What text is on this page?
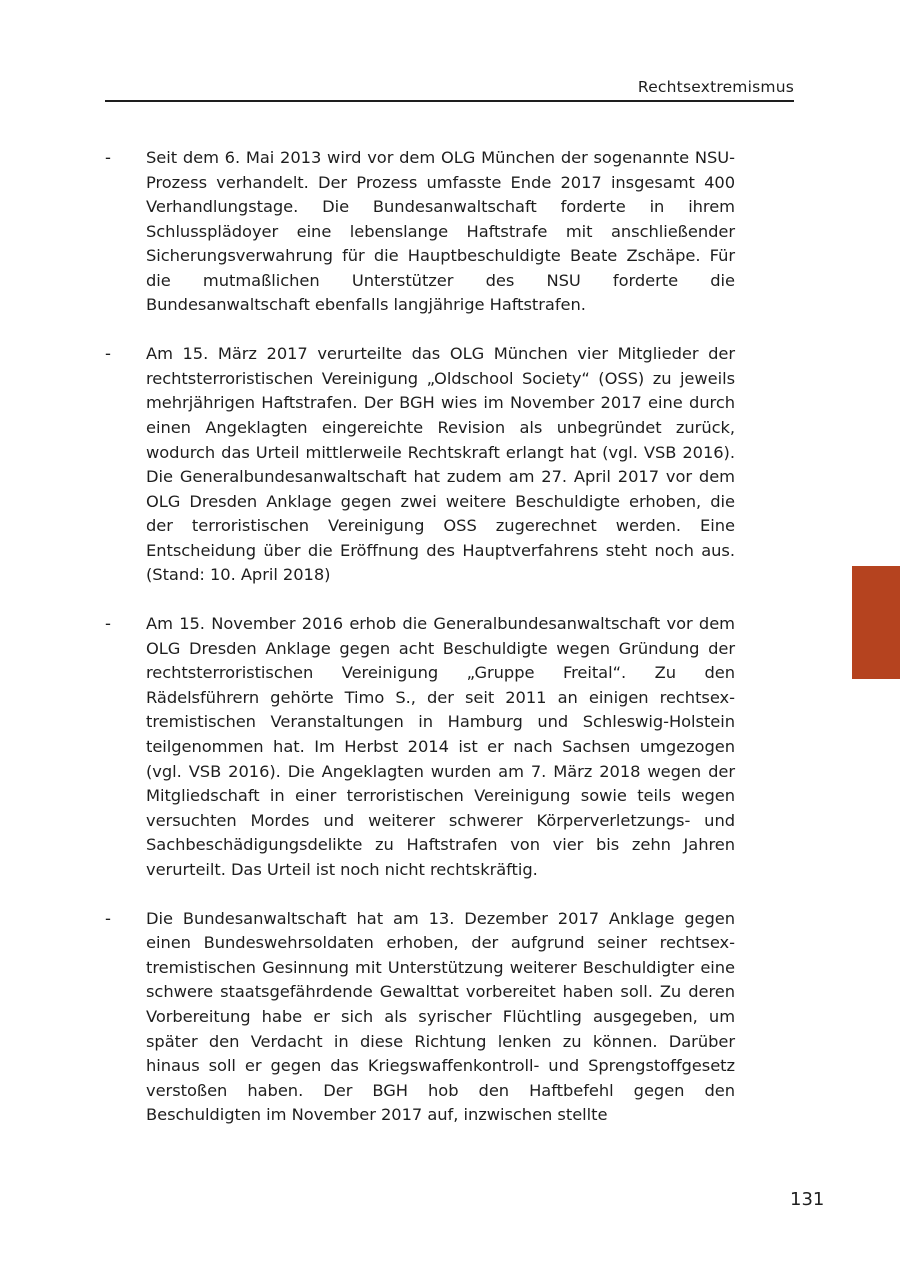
Rechtsextremismus
- Seit dem 6. Mai 2013 wird vor dem OLG München der sogenannte NSU-Prozess verhandelt. Der Prozess umfasste Ende 2017 insgesamt 400 Verhandlungstage. Die Bundesanwaltschaft forderte in ihrem Schlussplädoyer eine lebenslange Haftstrafe mit anschließender Sicherungsverwahrung für die Hauptbeschuldigte Beate Zschäpe. Für die mutmaßlichen Unterstützer des NSU forderte die Bundesanwaltschaft ebenfalls langjährige Haftstrafen.

- Am 15. März 2017 verurteilte das OLG München vier Mitglieder der rechtsterroristischen Vereinigung „Oldschool Society“ (OSS) zu jeweils mehrjährigen Haftstrafen. Der BGH wies im November 2017 eine durch einen Angeklagten eingereichte Revision als unbegründet zurück, wodurch das Urteil mittlerweile Rechtskraft erlangt hat (vgl. VSB 2016). Die Generalbundesanwaltschaft hat zudem am 27. April 2017 vor dem OLG Dresden Anklage gegen zwei weitere Beschuldigte erhoben, die der terroristischen Vereinigung OSS zugerechnet werden. Eine Entscheidung über die Eröffnung des Hauptverfahrens steht noch aus. (Stand: 10. April 2018)

- Am 15. November 2016 erhob die Generalbundesanwaltschaft vor dem OLG Dresden Anklage gegen acht Beschuldigte wegen Gründung der rechtsterroristischen Vereinigung „Gruppe Freital“. Zu den Rädelsführern gehörte Timo S., der seit 2011 an einigen rechtsextremistischen Veranstaltungen in Hamburg und Schleswig-Holstein teilgenommen hat. Im Herbst 2014 ist er nach Sachsen umgezogen (vgl. VSB 2016). Die Angeklagten wurden am 7. März 2018 wegen der Mitgliedschaft in einer terroristischen Vereinigung sowie teils wegen versuchten Mordes und weiterer schwerer Körperverletzungs- und Sachbeschädigungsdelikte zu Haftstrafen von vier bis zehn Jahren verurteilt. Das Urteil ist noch nicht rechtskräftig.

- Die Bundesanwaltschaft hat am 13. Dezember 2017 Anklage gegen einen Bundeswehrsoldaten erhoben, der aufgrund seiner rechtsextremistischen Gesinnung mit Unterstützung weiterer Beschuldigter eine schwere staatsgefährdende Gewalttat vorbereitet haben soll. Zu deren Vorbereitung habe er sich als syrischer Flüchtling ausgegeben, um später den Verdacht in diese Richtung lenken zu können. Darüber hinaus soll er gegen das Kriegswaffenkontroll- und Sprengstoffgesetz verstoßen haben. Der BGH hob den Haftbefehl gegen den Beschuldigten im November 2017 auf, inzwischen stellte

131
